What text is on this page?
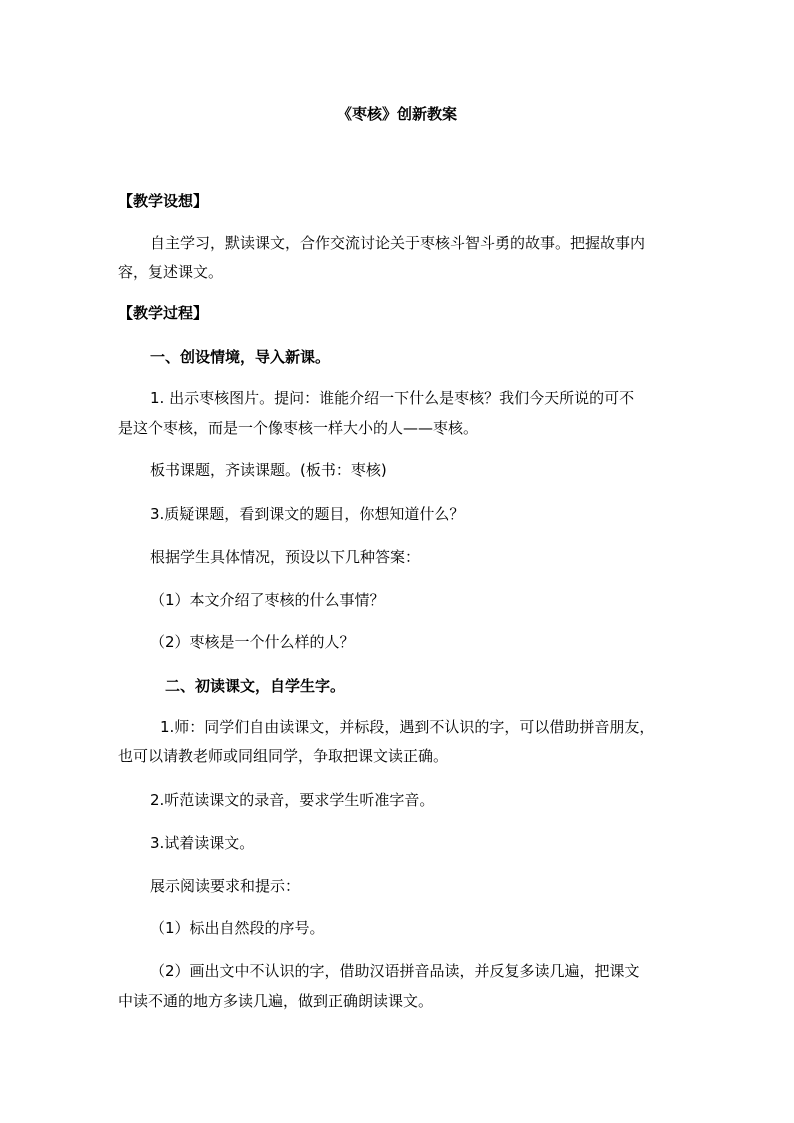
《枣核》创新教案
【教学设想】
自主学习，默读课文，合作交流讨论关于枣核斗智斗勇的故事。把握故事内
容，复述课文。
【教学过程】
一、创设情境，导入新课。
1. 出示枣核图片。提问：谁能介绍一下什么是枣核？我们今天所说的可不
是这个枣核，而是一个像枣核一样大小的人——枣核。
板书课题，齐读课题。(板书：枣核)
3.质疑课题，看到课文的题目，你想知道什么？
根据学生具体情况，预设以下几种答案：
（1）本文介绍了枣核的什么事情？
（2）枣核是一个什么样的人？
二、初读课文，自学生字。
1.师：同学们自由读课文，并标段，遇到不认识的字，可以借助拼音朋友，
也可以请教老师或同组同学，争取把课文读正确。
2.听范读课文的录音，要求学生听准字音。
3.试着读课文。
展示阅读要求和提示：
（1）标出自然段的序号。
（2）画出文中不认识的字，借助汉语拼音品读，并反复多读几遍，把课文
中读不通的地方多读几遍，做到正确朗读课文。
